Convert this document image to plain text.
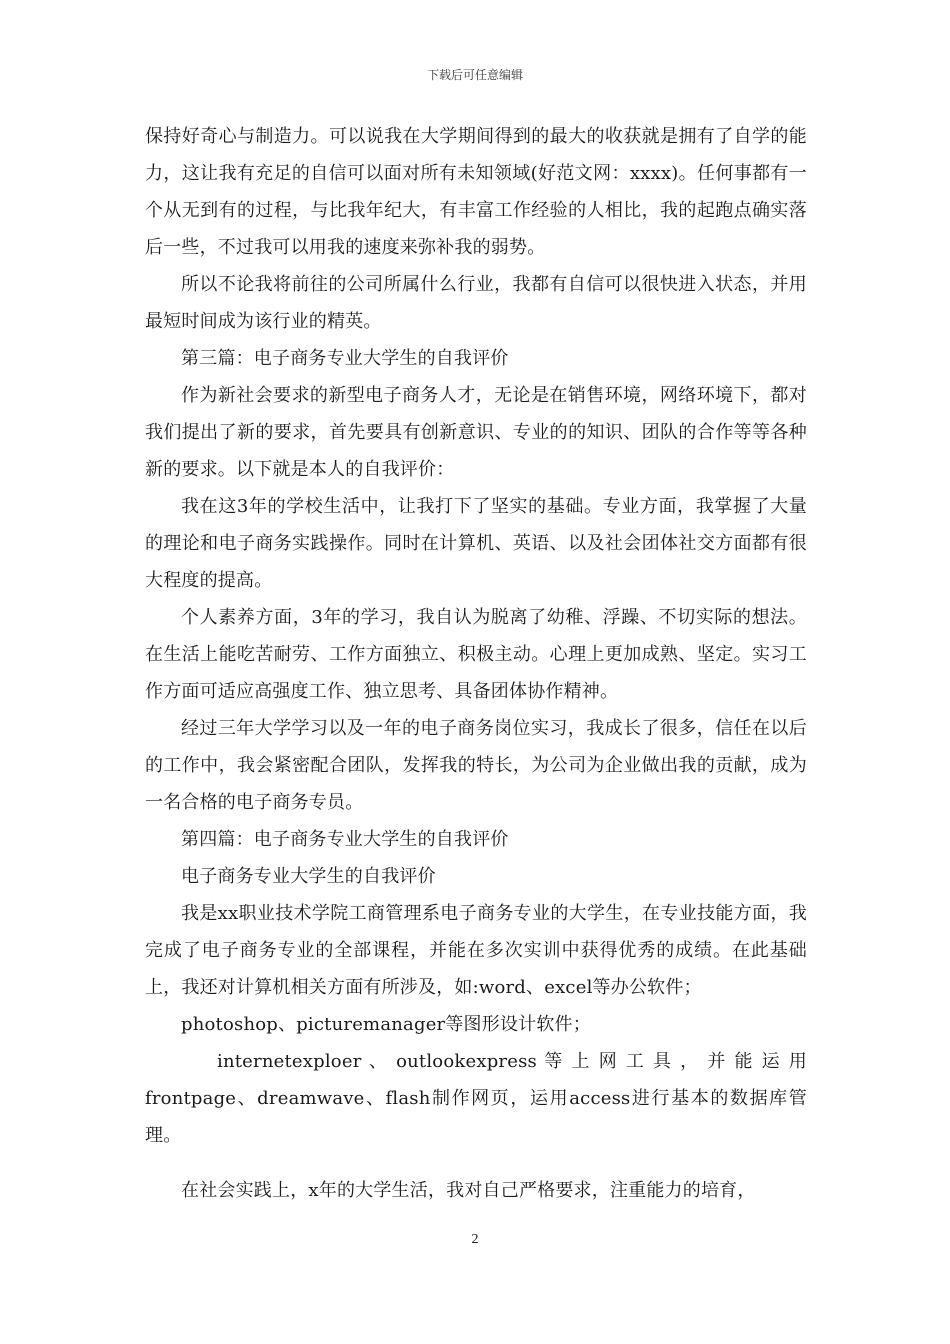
下载后可任意编辑

保持好奇心与制造力。可以说我在大学期间得到的最大的收获就是拥有了自学的能力，这让我有充足的自信可以面对所有未知领域(好范文网：xxxx)。任何事都有一个从无到有的过程，与比我年纪大，有丰富工作经验的人相比，我的起跑点确实落后一些，不过我可以用我的速度来弥补我的弱势。

所以不论我将前往的公司所属什么行业，我都有自信可以很快进入状态，并用最短时间成为该行业的精英。

第三篇：电子商务专业大学生的自我评价

作为新社会要求的新型电子商务人才，无论是在销售环境，网络环境下，都对我们提出了新的要求，首先要具有创新意识、专业的的知识、团队的合作等等各种新的要求。以下就是本人的自我评价：

我在这3年的学校生活中，让我打下了坚实的基础。专业方面，我掌握了大量的理论和电子商务实践操作。同时在计算机、英语、以及社会团体社交方面都有很大程度的提高。

个人素养方面，3年的学习，我自认为脱离了幼稚、浮躁、不切实际的想法。在生活上能吃苦耐劳、工作方面独立、积极主动。心理上更加成熟、坚定。实习工作方面可适应高强度工作、独立思考、具备团体协作精神。

经过三年大学学习以及一年的电子商务岗位实习，我成长了很多，信任在以后的工作中，我会紧密配合团队，发挥我的特长，为公司为企业做出我的贡献，成为一名合格的电子商务专员。

第四篇：电子商务专业大学生的自我评价

电子商务专业大学生的自我评价

我是xx职业技术学院工商管理系电子商务专业的大学生，在专业技能方面，我完成了电子商务专业的全部课程，并能在多次实训中获得优秀的成绩。在此基础上，我还对计算机相关方面有所涉及，如:word、excel等办公软件；

photoshop、picturemanager等图形设计软件；

internetexploer 、 outlookexpress 等 上 网 工 具 ， 并 能 运 用 frontpage、dreamwave、flash制作网页，运用access进行基本的数据库管理。

在社会实践上，x年的大学生活，我对自己严格要求，注重能力的培育，

2
